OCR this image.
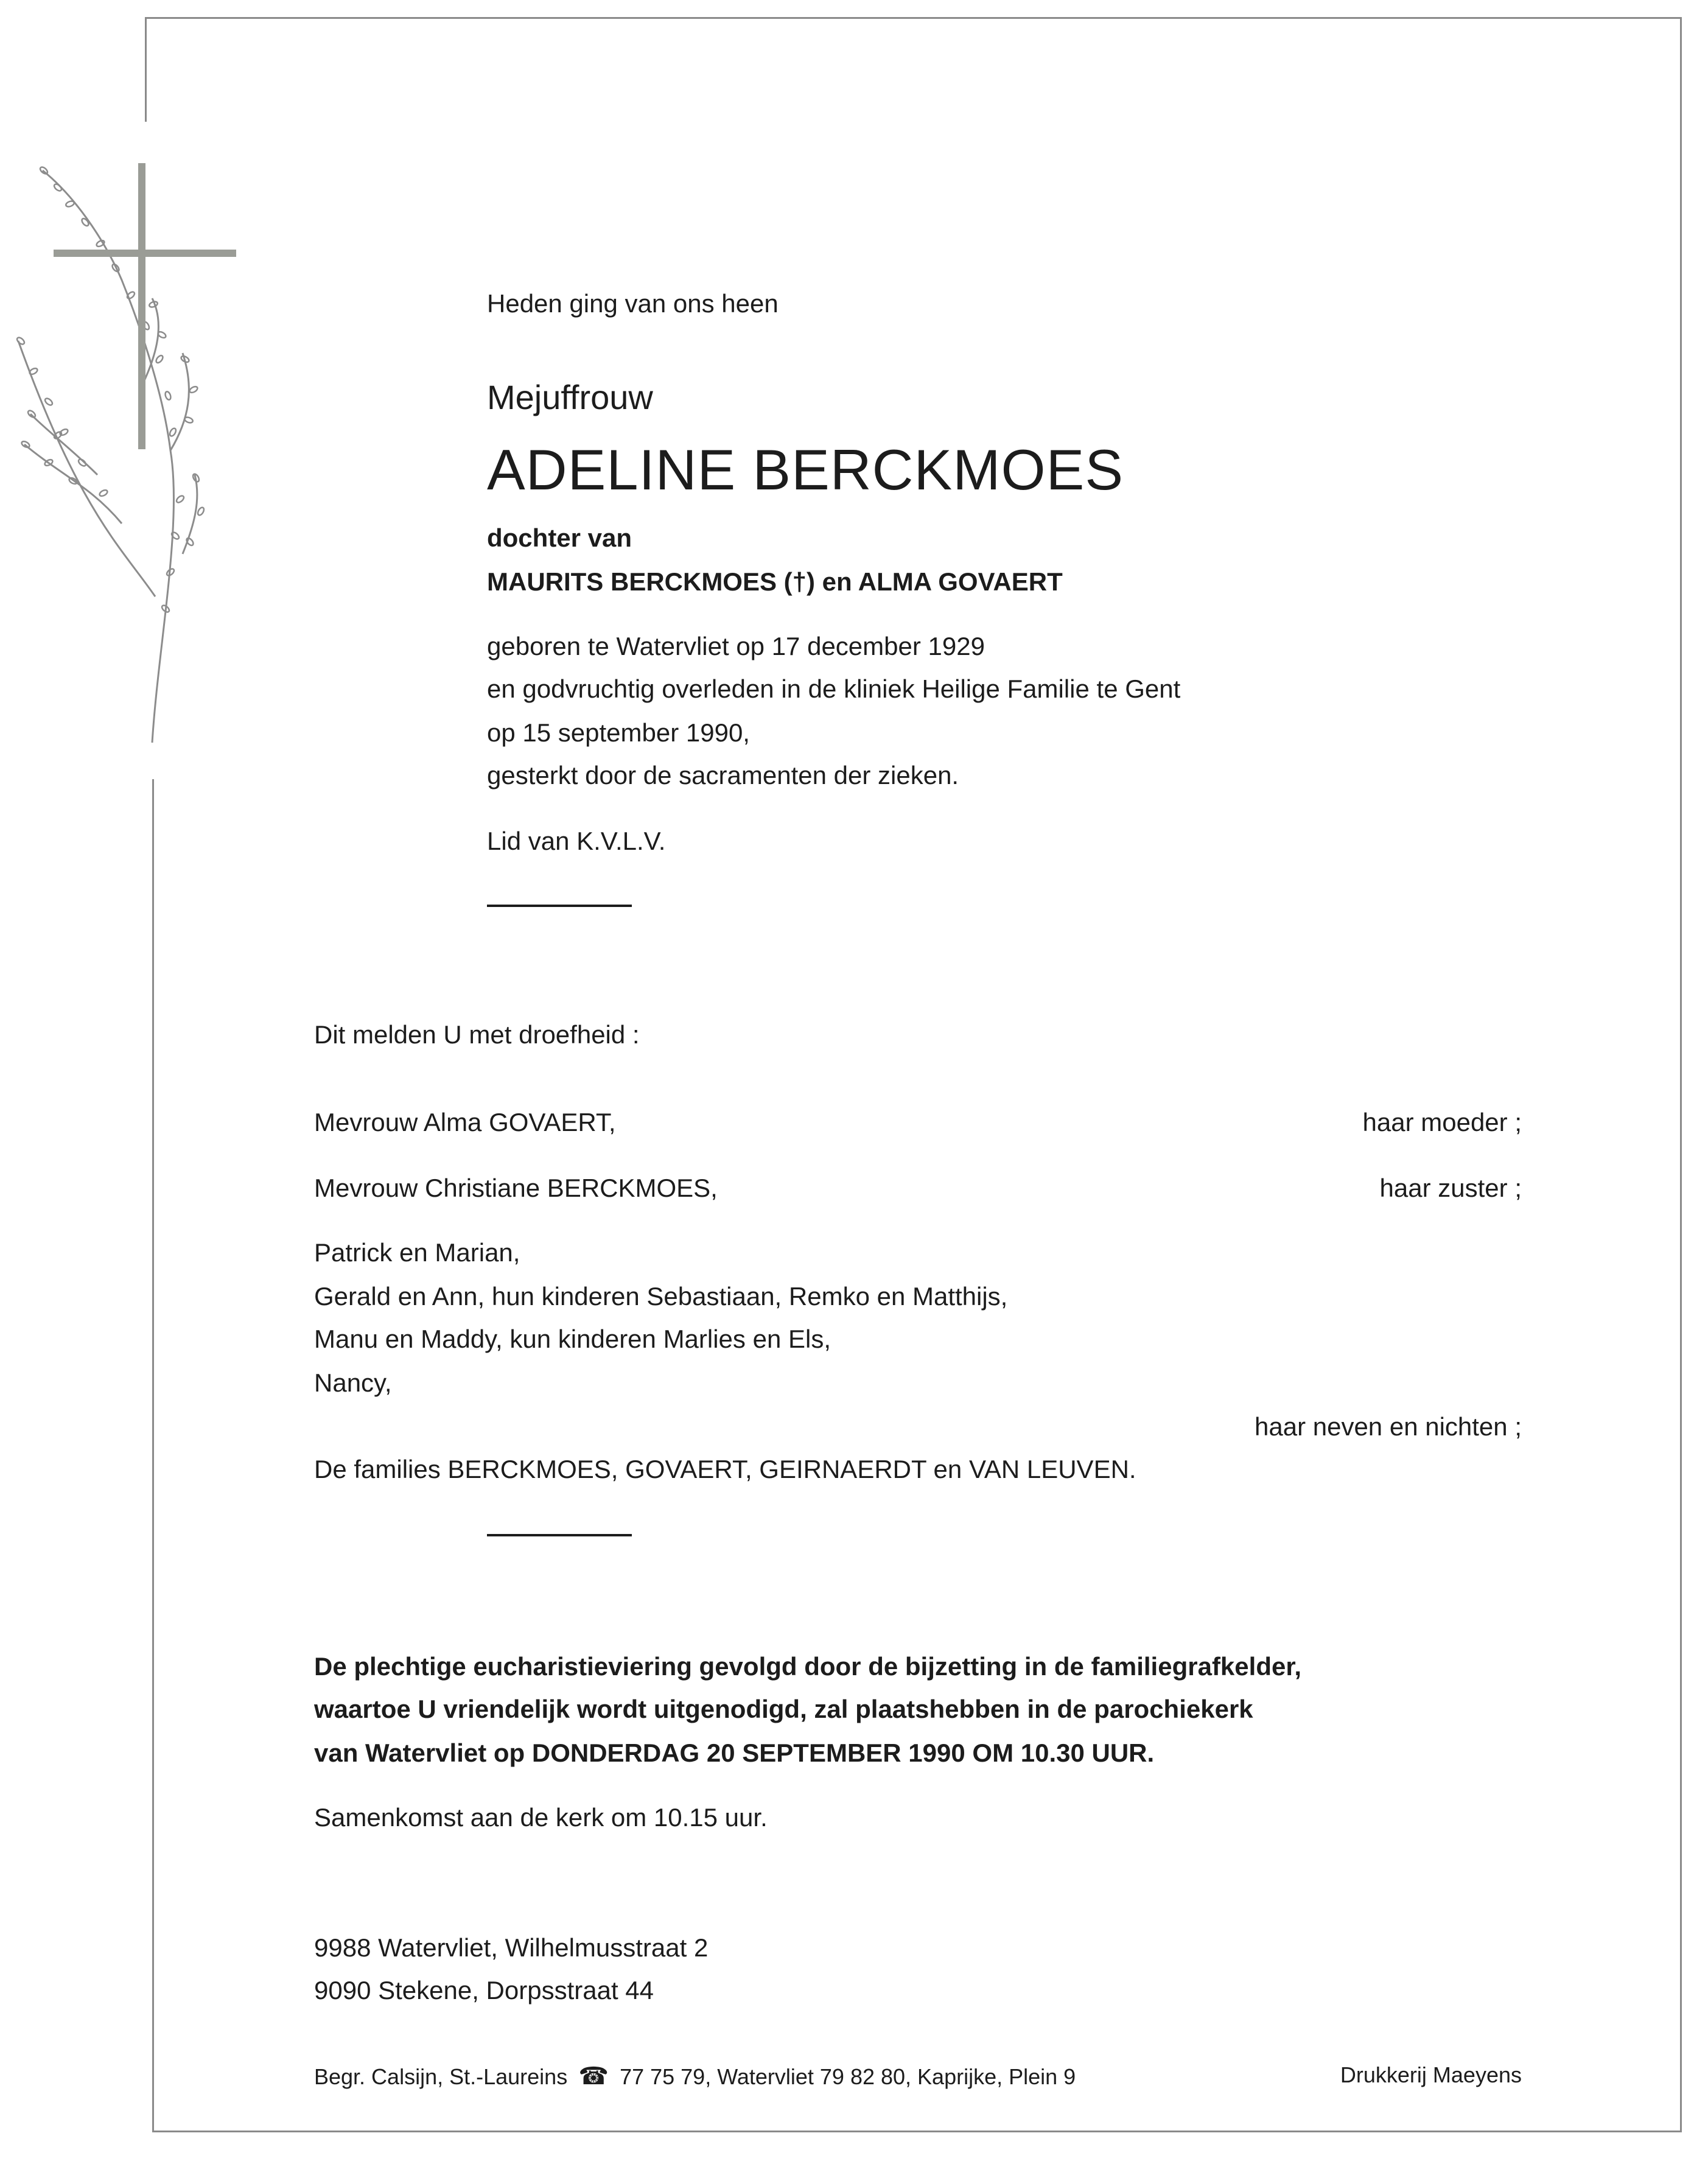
Heden ging van ons heen

Mejuffrouw

ADELINE BERCKMOES

dochter van

MAURITS BERCKMOES (†) en ALMA GOVAERT

geboren te Watervliet op 17 december 1929

en godvruchtig overleden in de kliniek Heilige Familie te Gent

op 15 september 1990,

gesterkt door de sacramenten der zieken.

Lid van K.V.L.V.

Dit melden U met droefheid :

Mevrouw Alma GOVAERT,	haar moeder ;

Mevrouw Christiane BERCKMOES,	haar zuster ;

Patrick en Marian,

Gerald en Ann, hun kinderen Sebastiaan, Remko en Matthijs,

Manu en Maddy, kun kinderen Marlies en Els,

Nancy,

haar neven en nichten ;

De families BERCKMOES, GOVAERT, GEIRNAERDT en VAN LEUVEN.

De plechtige eucharistieviering gevolgd door de bijzetting in de familiegrafkelder,

waartoe U vriendelijk wordt uitgenodigd, zal plaatshebben in de parochiekerk

van Watervliet op DONDERDAG 20 SEPTEMBER 1990 OM 10.30 UUR.

Samenkomst aan de kerk om 10.15 uur.

9988 Watervliet, Wilhelmusstraat 2

9090 Stekene, Dorpsstraat 44

Begr. Calsijn, St.-Laureins ☎ 77 75 79, Watervliet 79 82 80, Kaprijke, Plein 9	Drukkerij Maeyens
